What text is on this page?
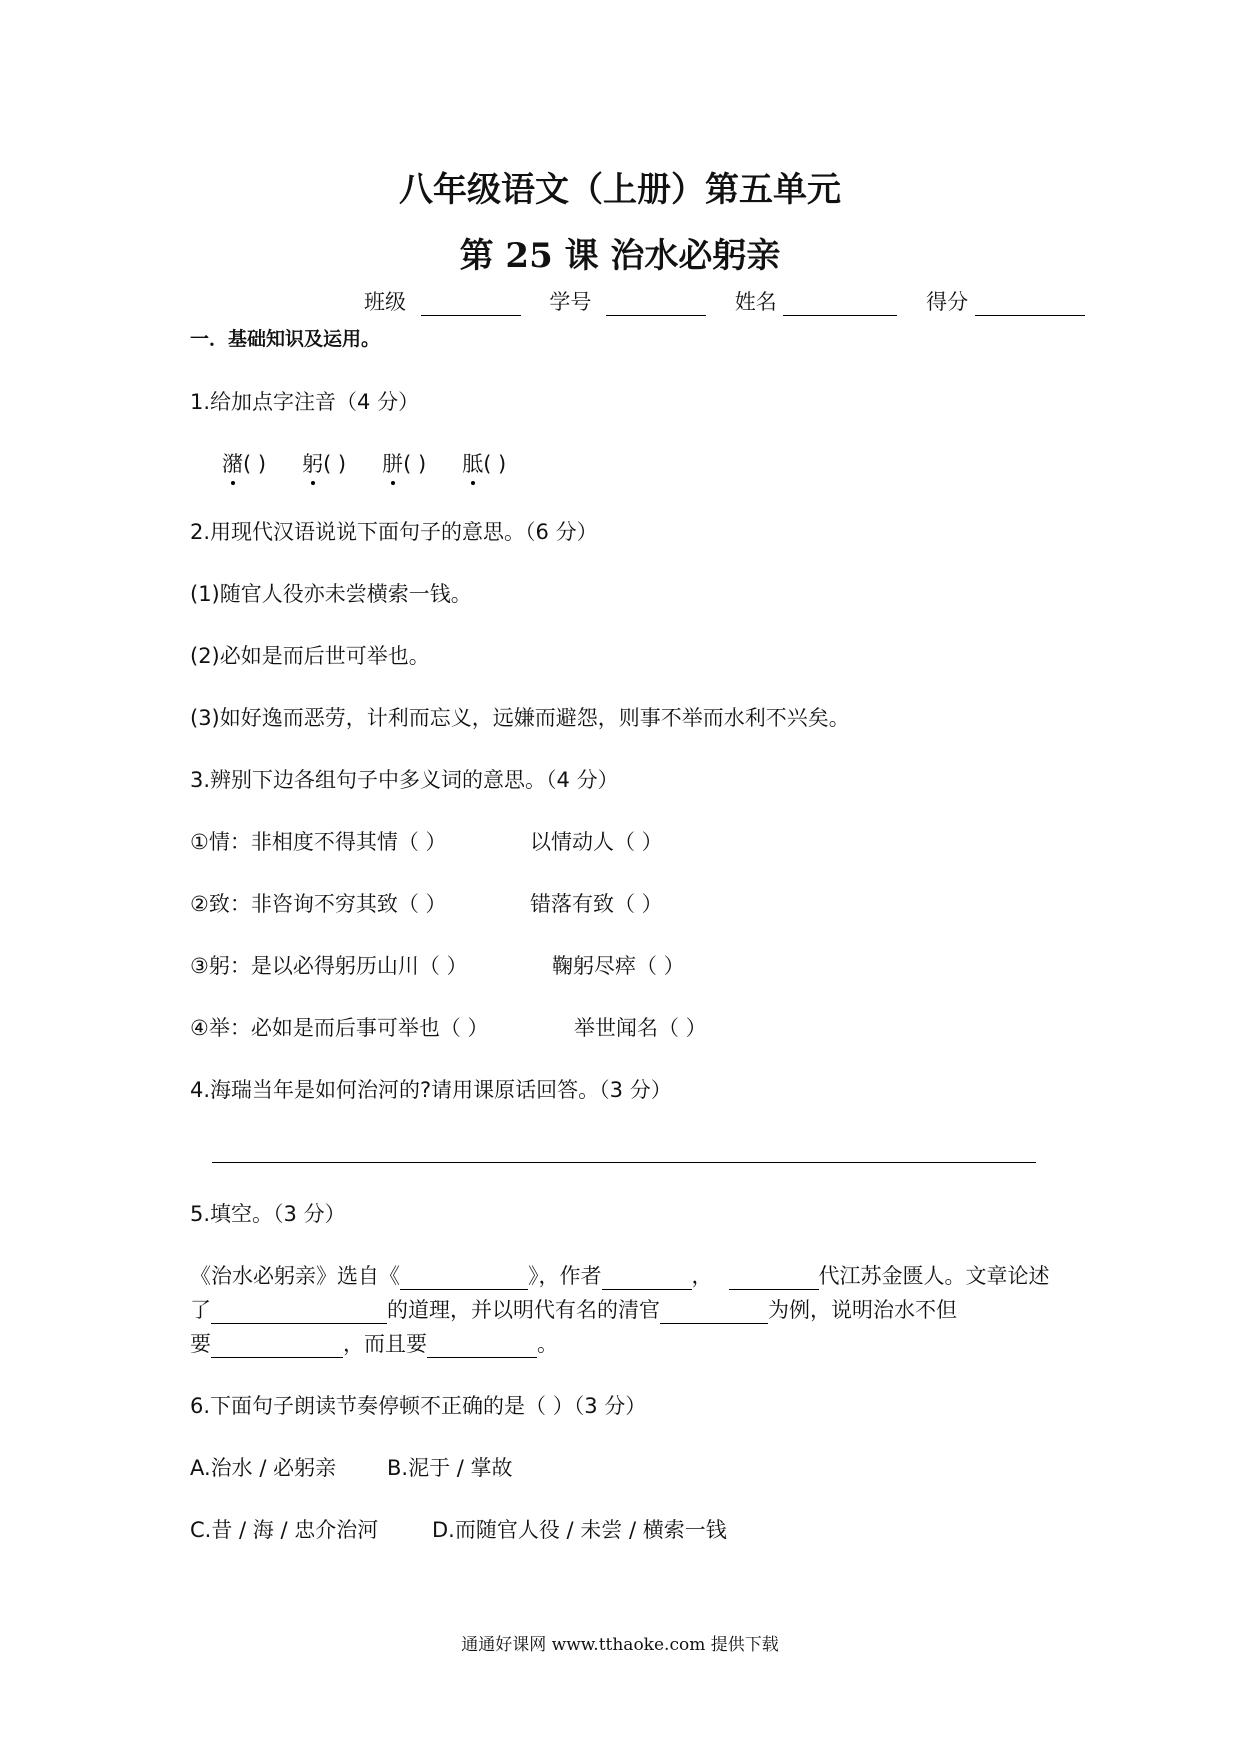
八年级语文（上册）第五单元
第 25 课 治水必躬亲
班级	学号	姓名	得分
一．基础知识及运用。
1.给加点字注音（4 分）
潴( ) 躬( ) 胼( ) 胝( )
2.用现代汉语说说下面句子的意思。（6 分）
(1)随官人役亦未尝横索一钱。
(2)必如是而后世可举也。
(3)如好逸而恶劳，计利而忘义，远嫌而避怨，则事不举而水利不兴矣。
3.辨别下边各组句子中多义词的意思。（4 分）
①情：非相度不得其情（ ）	以情动人（ ）
②致：非咨询不穷其致（ ）	错落有致（ ）
③躬：是以必得躬历山川（ ）	鞠躬尽瘁（ ）
④举：必如是而后事可举也（ ）	举世闻名（ ）
4.海瑞当年是如何治河的?请用课原话回答。（3 分）
5.填空。（3 分）
《治水必躬亲》选自《	》，作者	，	代江苏金匮人。文章论述
了	的道理，并以明代有名的清官	为例，说明治水不但
要	，而且要	。
6.下面句子朗读节奏停顿不正确的是（ ）（3 分）
A.治水 / 必躬亲 B.泥于 / 掌故
C.昔 / 海 / 忠介治河	D.而随官人役 / 未尝 / 横索一钱
通通好课网 www.tthaoke.com 提供下载
